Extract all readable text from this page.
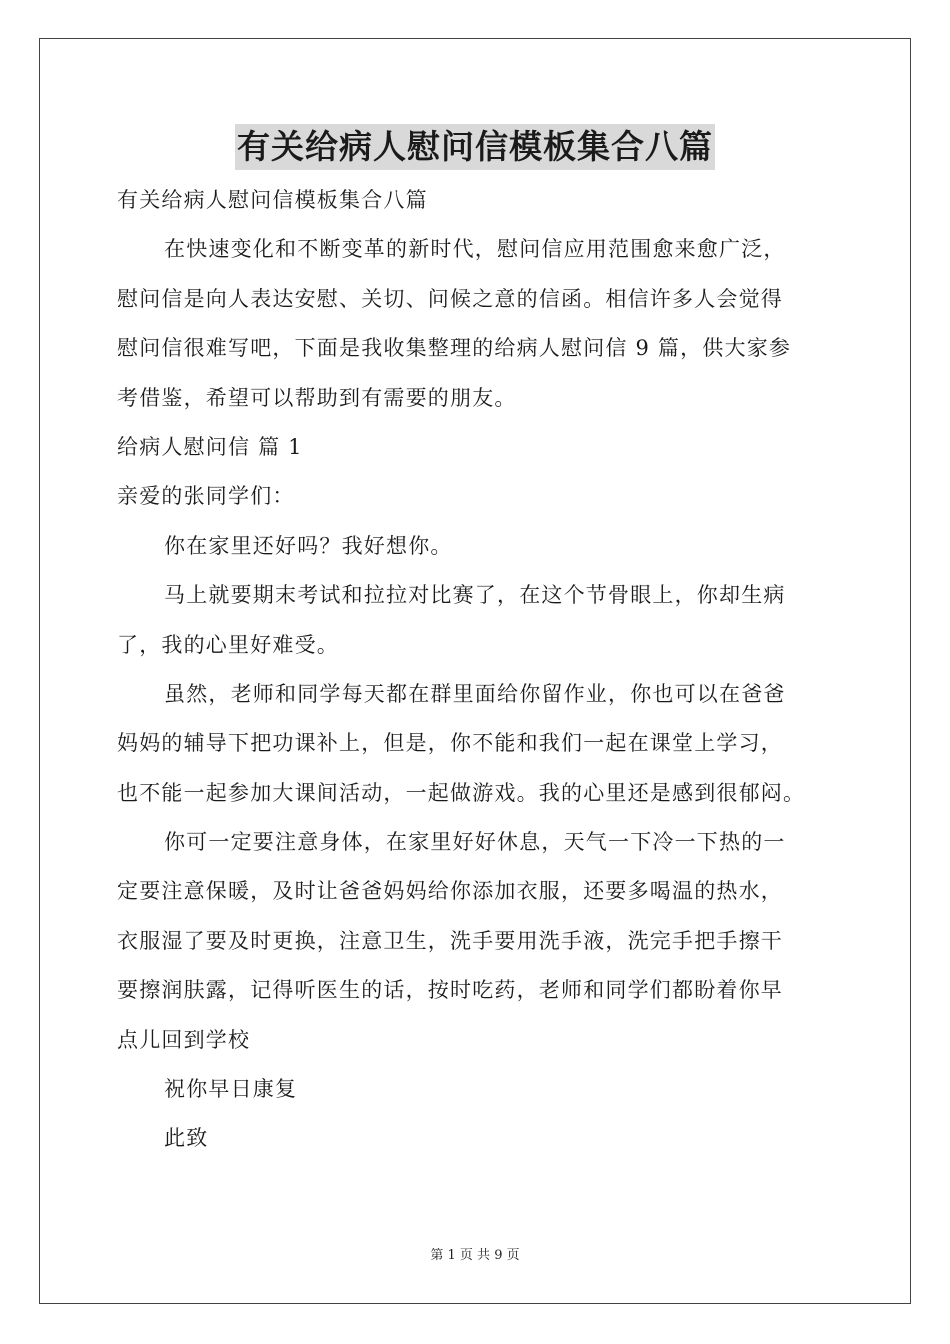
有关给病人慰问信模板集合八篇
有关给病人慰问信模板集合八篇
在快速变化和不断变革的新时代，慰问信应用范围愈来愈广泛，
慰问信是向人表达安慰、关切、问候之意的信函。相信许多人会觉得
慰问信很难写吧，下面是我收集整理的给病人慰问信 9 篇，供大家参
考借鉴，希望可以帮助到有需要的朋友。
给病人慰问信 篇 1
亲爱的张同学们：
你在家里还好吗？我好想你。
马上就要期末考试和拉拉对比赛了，在这个节骨眼上，你却生病
了，我的心里好难受。
虽然，老师和同学每天都在群里面给你留作业，你也可以在爸爸
妈妈的辅导下把功课补上，但是，你不能和我们一起在课堂上学习，
也不能一起参加大课间活动，一起做游戏。我的心里还是感到很郁闷。
你可一定要注意身体，在家里好好休息，天气一下冷一下热的一
定要注意保暖，及时让爸爸妈妈给你添加衣服，还要多喝温的热水，
衣服湿了要及时更换，注意卫生，洗手要用洗手液，洗完手把手擦干
要擦润肤露，记得听医生的话，按时吃药，老师和同学们都盼着你早
点儿回到学校
祝你早日康复
此致
第 1 页 共 9 页
